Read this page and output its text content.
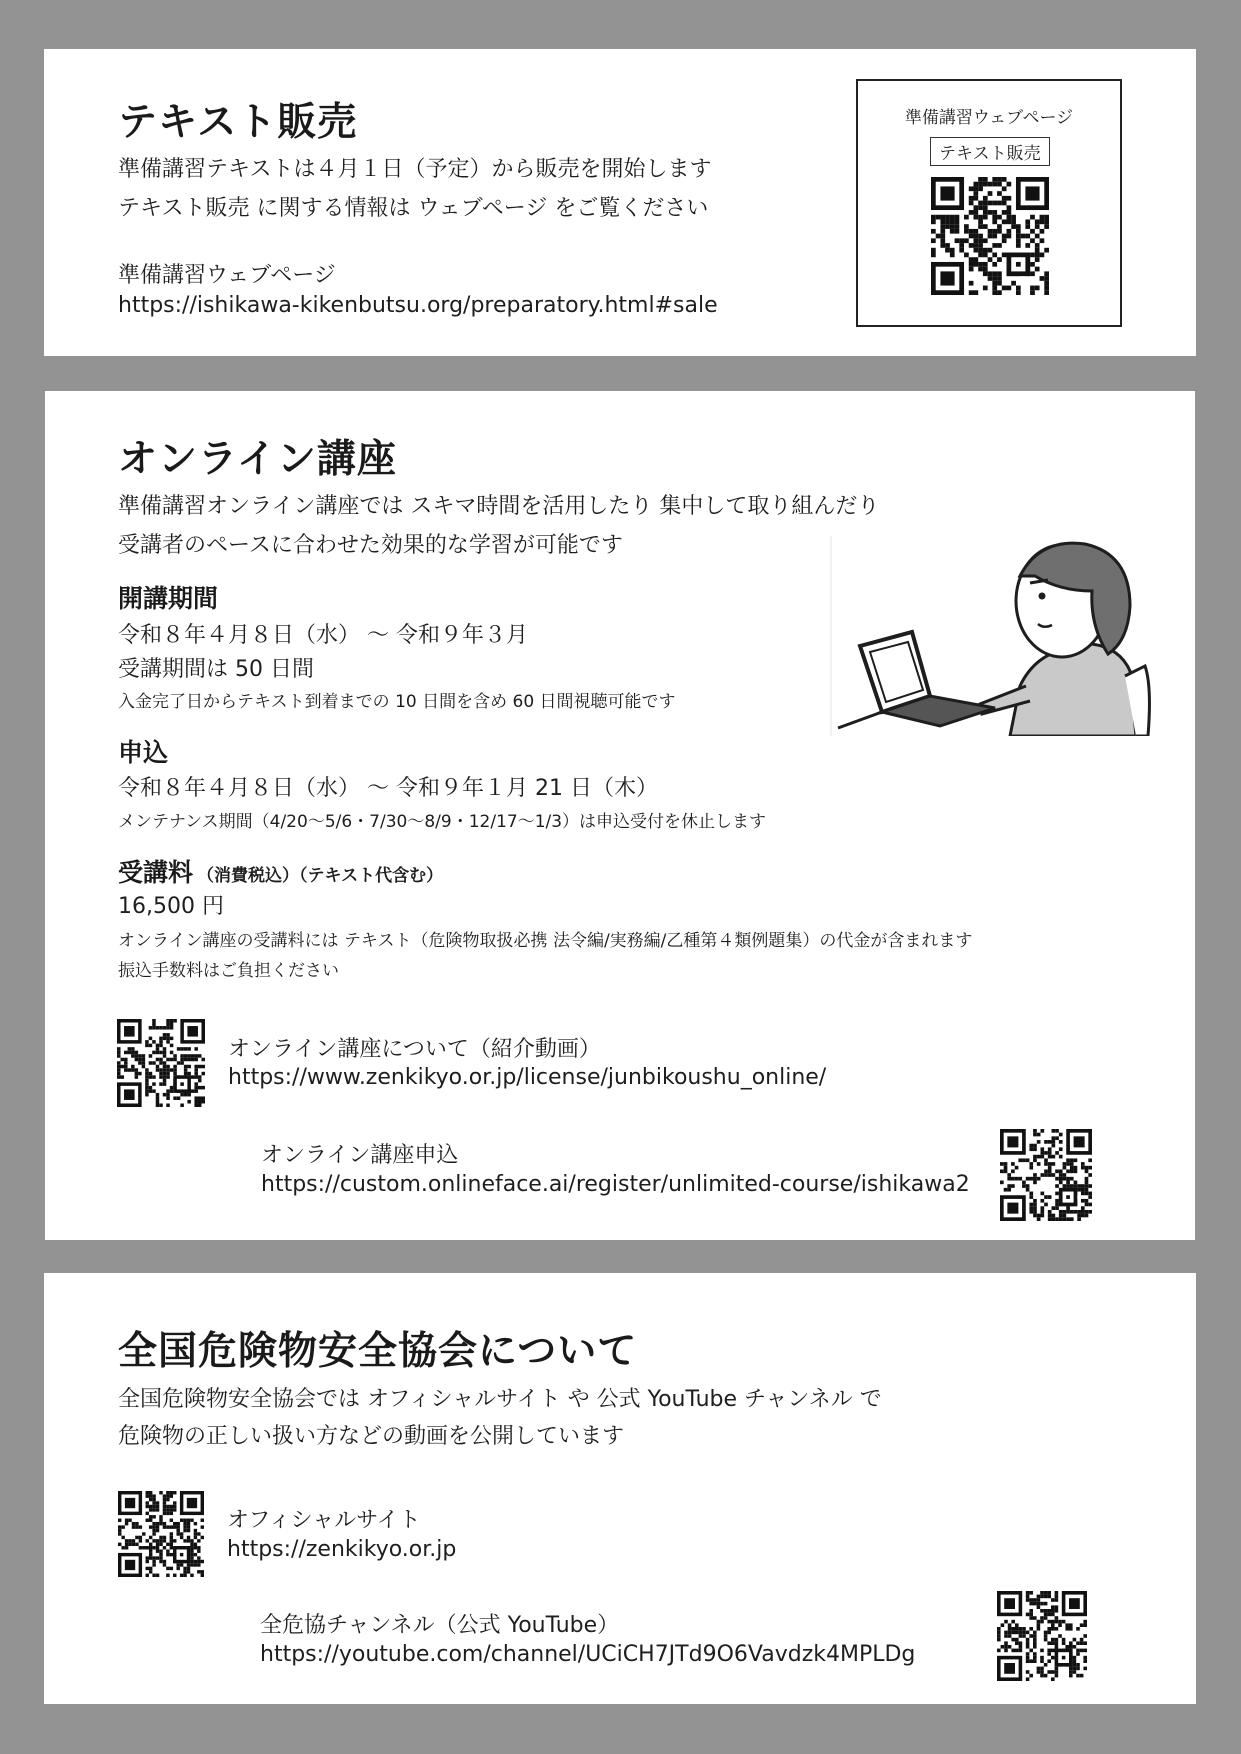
テキスト販売
準備講習テキストは４月１日（予定）から販売を開始します
テキスト販売 に関する情報は ウェブページ をご覧ください
準備講習ウェブページ
https://ishikawa-kikenbutsu.org/preparatory.html#sale
準備講習ウェブページ
テキスト販売
オンライン講座
準備講習オンライン講座では スキマ時間を活用したり 集中して取り組んだり
受講者のペースに合わせた効果的な学習が可能です
開講期間
令和８年４月８日（水） ～ 令和９年３月
受講期間は 50 日間
入金完了日からテキスト到着までの 10 日間を含め 60 日間視聴可能です
申込
令和８年４月８日（水） ～ 令和９年１月 21 日（木）
メンテナンス期間（4/20～5/6・7/30～8/9・12/17～1/3）は申込受付を休止します
受講料 （消費税込）（テキスト代含む）
16,500 円
オンライン講座の受講料には テキスト（危険物取扱必携 法令編/実務編/乙種第４類例題集）の代金が含まれます
振込手数料はご負担ください
オンライン講座について（紹介動画）
https://www.zenkikyo.or.jp/license/junbikoushu_online/
オンライン講座申込
https://custom.onlineface.ai/register/unlimited-course/ishikawa2
全国危険物安全協会について
全国危険物安全協会では オフィシャルサイト や 公式 YouTube チャンネル で
危険物の正しい扱い方などの動画を公開しています
オフィシャルサイト
https://zenkikyo.or.jp
全危協チャンネル（公式 YouTube）
https://youtube.com/channel/UCiCH7JTd9O6Vavdzk4MPLDg
